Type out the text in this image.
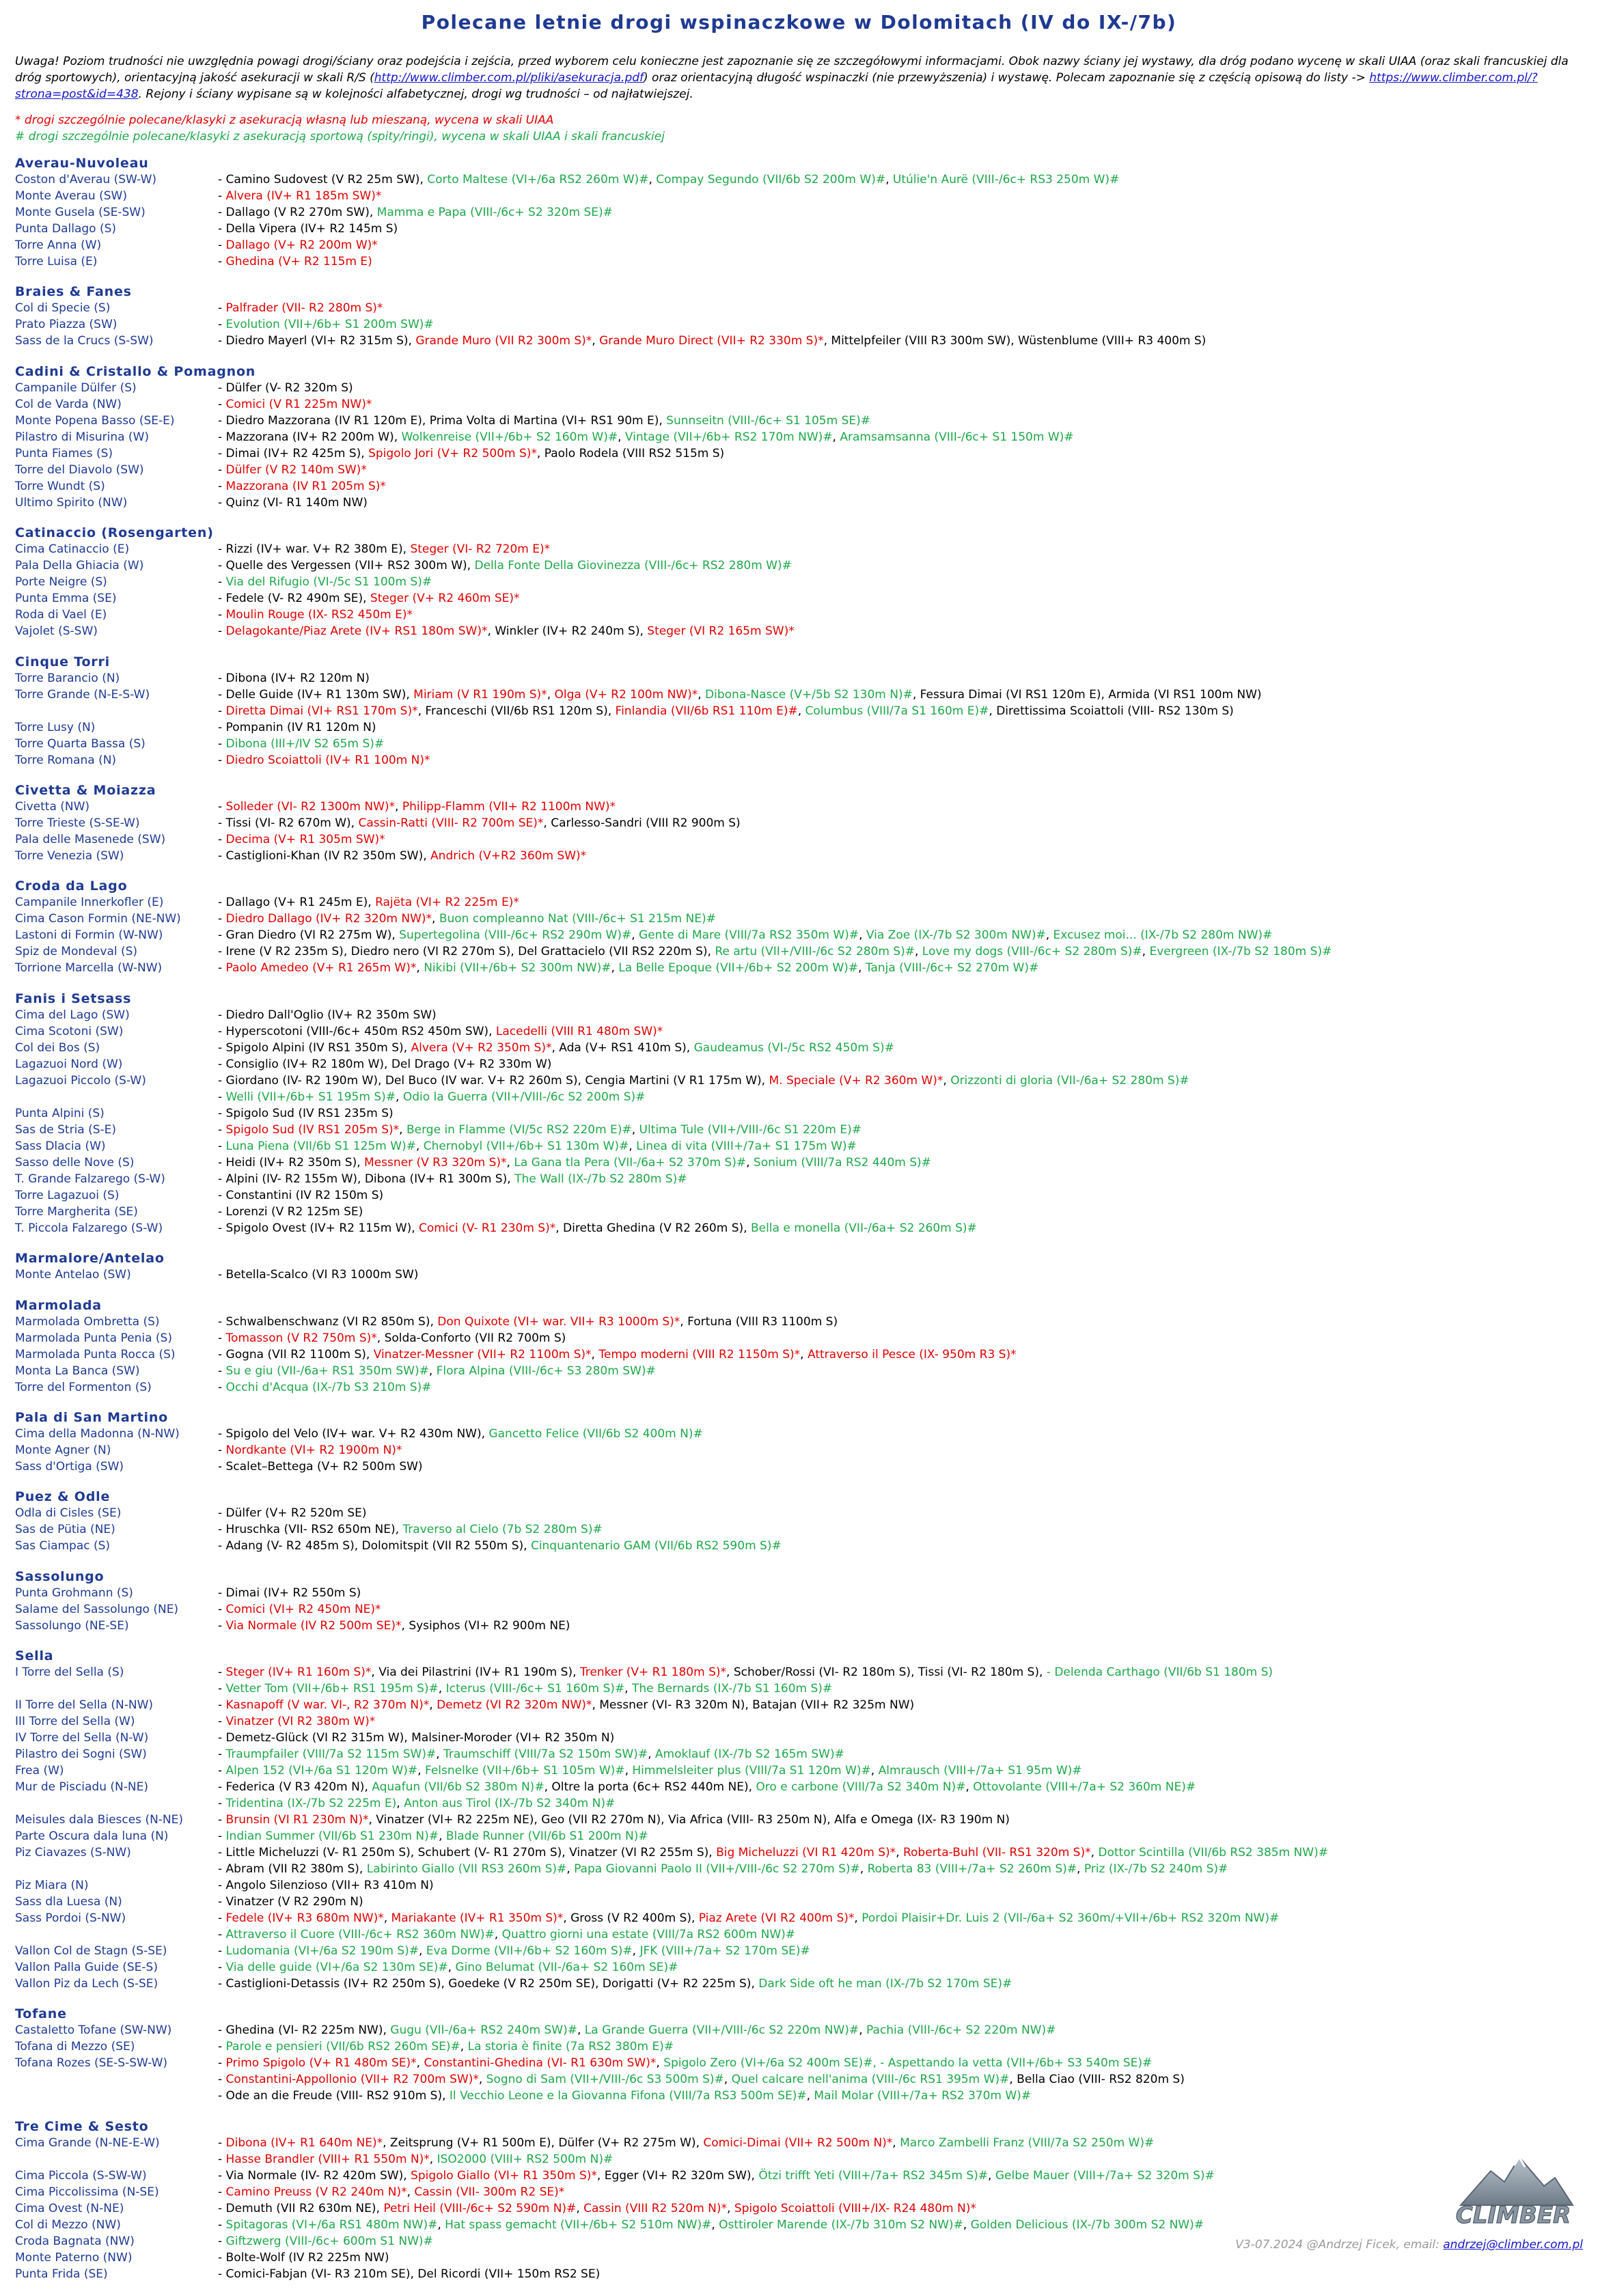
Polecane letnie drogi wspinaczkowe w Dolomitach (IV do IX-/7b)
Uwaga! Poziom trudności nie uwzględnia powagi drogi/ściany oraz podejścia i zejścia, przed wyborem celu konieczne jest zapoznanie się ze szczegółowymi informacjami. Obok nazwy ściany jej wystawy, dla dróg podano wycenę w skali UIAA (oraz skali francuskiej dla dróg sportowych), orientacyjną jakość asekuracji w skali R/S (http://www.climber.com.pl/pliki/asekuracja.pdf) oraz orientacyjną długość wspinaczki (nie przewyższenia) i wystawę. Polecam zapoznanie się z częścią opisową do listy -> https://www.climber.com.pl/?strona=post&id=438. Rejony i ściany wypisane są w kolejności alfabetycznej, drogi wg trudności – od najłatwiejszej.
* drogi szczególnie polecane/klasyki z asekuracją własną lub mieszaną, wycena w skali UIAA
# drogi szczególnie polecane/klasyki z asekuracją sportową (spity/ringi), wycena w skali UIAA i skali francuskiej
Averau-Nuvoleau
Coston d'Averau (SW-W)	- Camino Sudovest (V R2 25m SW), Corto Maltese (VI+/6a RS2 260m W)#, Compay Segundo (VII/6b S2 200m W)#, Utúlie'n Aurë (VIII-/6c+ RS3 250m W)#
Monte Averau (SW)	- Alvera (IV+ R1 185m SW)*
Monte Gusela (SE-SW)	- Dallago (V R2 270m SW), Mamma e Papa (VIII-/6c+ S2 320m SE)#
Punta Dallago (S)	- Della Vipera (IV+ R2 145m S)
Torre Anna (W)	- Dallago (V+ R2 200m W)*
Torre Luisa (E)	- Ghedina (V+ R2 115m E)
Braies & Fanes
Col di Specie (S)	- Palfrader (VII- R2 280m S)*
Prato Piazza (SW)	- Evolution (VII+/6b+ S1 200m SW)#
Sass de la Crucs (S-SW)	- Diedro Mayerl (VI+ R2 315m S), Grande Muro (VII R2 300m S)*, Grande Muro Direct (VII+ R2 330m S)*, Mittelpfeiler (VIII R3 300m SW), Wüstenblume (VIII+ R3 400m S)
Cadini & Cristallo & Pomagnon
Campanile Dülfer (S)	- Dülfer (V- R2 320m S)
Col de Varda (NW)	- Comici (V R1 225m NW)*
Monte Popena Basso (SE-E)	- Diedro Mazzorana (IV R1 120m E), Prima Volta di Martina (VI+ RS1 90m E), Sunnseitn (VIII-/6c+ S1 105m SE)#
Pilastro di Misurina (W)	- Mazzorana (IV+ R2 200m W), Wolkenreise (VII+/6b+ S2 160m W)#, Vintage (VII+/6b+ RS2 170m NW)#, Aramsamsanna (VIII-/6c+ S1 150m W)#
Punta Fiames (S)	- Dimai (IV+ R2 425m S), Spigolo Jori (V+ R2 500m S)*, Paolo Rodela (VIII RS2 515m S)
Torre del Diavolo (SW)	- Dülfer (V R2 140m SW)*
Torre Wundt (S)	- Mazzorana (IV R1 205m S)*
Ultimo Spirito (NW)	- Quinz (VI- R1 140m NW)
Catinaccio (Rosengarten)
Cima Catinaccio (E)	- Rizzi (IV+ war. V+ R2 380m E), Steger (VI- R2 720m E)*
Pala Della Ghiacia (W)	- Quelle des Vergessen (VII+ RS2 300m W), Della Fonte Della Giovinezza (VIII-/6c+ RS2 280m W)#
Porte Neigre (S)	- Via del Rifugio (VI-/5c S1 100m S)#
Punta Emma (SE)	- Fedele (V- R2 490m SE), Steger (V+ R2 460m SE)*
Roda di Vael (E)	- Moulin Rouge (IX- RS2 450m E)*
Vajolet (S-SW)	- Delagokante/Piaz Arete (IV+ RS1 180m SW)*, Winkler (IV+ R2 240m S), Steger (VI R2 165m SW)*
Cinque Torri
Torre Barancio (N)	- Dibona (IV+ R2 120m N)
Torre Grande (N-E-S-W)	- Delle Guide (IV+ R1 130m SW), Miriam (V R1 190m S)*, Olga (V+ R2 100m NW)*, Dibona-Nasce (V+/5b S2 130m N)#, Fessura Dimai (VI RS1 120m E), Armida (VI RS1 100m NW)
- Diretta Dimai (VI+ RS1 170m S)*, Franceschi (VII/6b RS1 120m S), Finlandia (VII/6b RS1 110m E)#, Columbus (VIII/7a S1 160m E)#, Direttissima Scoiattoli (VIII- RS2 130m S)
Torre Lusy (N)	- Pompanin (IV R1 120m N)
Torre Quarta Bassa (S)	- Dibona (III+/IV S2 65m S)#
Torre Romana (N)	- Diedro Scoiattoli (IV+ R1 100m N)*
Civetta & Moiazza
Civetta (NW)	- Solleder (VI- R2 1300m NW)*, Philipp-Flamm (VII+ R2 1100m NW)*
Torre Trieste (S-SE-W)	- Tissi (VI- R2 670m W), Cassin-Ratti (VIII- R2 700m SE)*, Carlesso-Sandri (VIII R2 900m S)
Pala delle Masenede (SW)	- Decima (V+ R1 305m SW)*
Torre Venezia (SW)	- Castiglioni-Khan (IV R2 350m SW), Andrich (V+R2 360m SW)*
Croda da Lago
Campanile Innerkofler (E)	- Dallago (V+ R1 245m E), Rajëta (VI+ R2 225m E)*
Cima Cason Formin (NE-NW)	- Diedro Dallago (IV+ R2 320m NW)*, Buon compleanno Nat (VIII-/6c+ S1 215m NE)#
Lastoni di Formin (W-NW)	- Gran Diedro (VI R2 275m W), Supertegolina (VIII-/6c+ RS2 290m W)#, Gente di Mare (VIII/7a RS2 350m W)#, Via Zoe (IX-/7b S2 300m NW)#, Excusez moi... (IX-/7b S2 280m NW)#
Spiz de Mondeval (S)	- Irene (V R2 235m S), Diedro nero (VI R2 270m S), Del Grattacielo (VII RS2 220m S), Re artu (VII+/VIII-/6c S2 280m S)#, Love my dogs (VIII-/6c+ S2 280m S)#, Evergreen (IX-/7b S2 180m S)#
Torrione Marcella (W-NW)	- Paolo Amedeo (V+ R1 265m W)*, Nikibi (VII+/6b+ S2 300m NW)#, La Belle Epoque (VII+/6b+ S2 200m W)#, Tanja (VIII-/6c+ S2 270m W)#
Fanis i Setsass
Cima del Lago (SW)	- Diedro Dall'Oglio (IV+ R2 350m SW)
Cima Scotoni (SW)	- Hyperscotoni (VIII-/6c+ 450m RS2 450m SW), Lacedelli (VIII R1 480m SW)*
Col dei Bos (S)	- Spigolo Alpini (IV RS1 350m S), Alvera (V+ R2 350m S)*, Ada (V+ RS1 410m S), Gaudeamus (VI-/5c RS2 450m S)#
Lagazuoi Nord (W)	- Consiglio (IV+ R2 180m W), Del Drago (V+ R2 330m W)
Lagazuoi Piccolo (S-W)	- Giordano (IV- R2 190m W), Del Buco (IV war. V+ R2 260m S), Cengia Martini (V R1 175m W), M. Speciale (V+ R2 360m W)*, Orizzonti di gloria (VII-/6a+ S2 280m S)#
- Welli (VII+/6b+ S1 195m S)#, Odio la Guerra (VII+/VIII-/6c S2 200m S)#
Punta Alpini (S)	- Spigolo Sud (IV RS1 235m S)
Sas de Stria (S-E)	- Spigolo Sud (IV RS1 205m S)*, Berge in Flamme (VI/5c RS2 220m E)#, Ultima Tule (VII+/VIII-/6c S1 220m E)#
Sass Dlacia (W)	- Luna Piena (VII/6b S1 125m W)#, Chernobyl (VII+/6b+ S1 130m W)#, Linea di vita (VIII+/7a+ S1 175m W)#
Sasso delle Nove (S)	- Heidi (IV+ R2 350m S), Messner (V R3 320m S)*, La Gana tla Pera (VII-/6a+ S2 370m S)#, Sonium (VIII/7a RS2 440m S)#
T. Grande Falzarego (S-W)	- Alpini (IV- R2 155m W), Dibona (IV+ R1 300m S), The Wall (IX-/7b S2 280m S)#
Torre Lagazuoi (S)	- Constantini (IV R2 150m S)
Torre Margherita (SE)	- Lorenzi (V R2 125m SE)
T. Piccola Falzarego (S-W)	- Spigolo Ovest (IV+ R2 115m W), Comici (V- R1 230m S)*, Diretta Ghedina (V R2 260m S), Bella e monella (VII-/6a+ S2 260m S)#
Marmalore/Antelao
Monte Antelao (SW)	- Betella-Scalco (VI R3 1000m SW)
Marmolada
Marmolada Ombretta (S)	- Schwalbenschwanz (VI R2 850m S), Don Quixote (VI+ war. VII+ R3 1000m S)*, Fortuna (VIII R3 1100m S)
Marmolada Punta Penia (S)	- Tomasson (V R2 750m S)*, Solda-Conforto (VII R2 700m S)
Marmolada Punta Rocca (S)	- Gogna (VII R2 1100m S), Vinatzer-Messner (VII+ R2 1100m S)*, Tempo moderni (VIII R2 1150m S)*, Attraverso il Pesce (IX- 950m R3 S)*
Monta La Banca (SW)	- Su e giu (VII-/6a+ RS1 350m SW)#, Flora Alpina (VIII-/6c+ S3 280m SW)#
Torre del Formenton (S)	- Occhi d'Acqua (IX-/7b S3 210m S)#
Pala di San Martino
Cima della Madonna (N-NW)	- Spigolo del Velo (IV+ war. V+ R2 430m NW), Gancetto Felice (VII/6b S2 400m N)#
Monte Agner (N)	- Nordkante (VI+ R2 1900m N)*
Sass d'Ortiga (SW)	- Scalet–Bettega (V+ R2 500m SW)
Puez & Odle
Odla di Cisles (SE)	- Dülfer (V+ R2 520m SE)
Sas de Pütia (NE)	- Hruschka (VII- RS2 650m NE), Traverso al Cielo (7b S2 280m S)#
Sas Ciampac (S)	- Adang (V- R2 485m S), Dolomitspit (VII R2 550m S), Cinquantenario GAM (VII/6b RS2 590m S)#
Sassolungo
Punta Grohmann (S)	- Dimai (IV+ R2 550m S)
Salame del Sassolungo (NE)	- Comici (VI+ R2 450m NE)*
Sassolungo (NE-SE)	- Via Normale (IV R2 500m SE)*, Sysiphos (VI+ R2 900m NE)
Sella
I Torre del Sella (S)	- Steger (IV+ R1 160m S)*, Via dei Pilastrini (IV+ R1 190m S), Trenker (V+ R1 180m S)*, Schober/Rossi (VI- R2 180m S), Tissi (VI- R2 180m S), - Delenda Carthago (VII/6b S1 180m S)
- Vetter Tom (VII+/6b+ RS1 195m S)#, Icterus (VIII-/6c+ S1 160m S)#, The Bernards (IX-/7b S1 160m S)#
II Torre del Sella (N-NW)	- Kasnapoff (V war. VI-, R2 370m N)*, Demetz (VI R2 320m NW)*, Messner (VI- R3 320m N), Batajan (VII+ R2 325m NW)
III Torre del Sella (W)	- Vinatzer (VI R2 380m W)*
IV Torre del Sella (N-W)	- Demetz-Glück (VI R2 315m W), Malsiner-Moroder (VI+ R2 350m N)
Pilastro dei Sogni (SW)	- Traumpfailer (VIII/7a S2 115m SW)#, Traumschiff (VIII/7a S2 150m SW)#, Amoklauf (IX-/7b S2 165m SW)#
Frea (W)	- Alpen 152 (VI+/6a S1 120m W)#, Felsnelke (VII+/6b+ S1 105m W)#, Himmelsleiter plus (VIII/7a S1 120m W)#, Almrausch (VIII+/7a+ S1 95m W)#
Mur de Pisciadu (N-NE)	- Federica (V R3 420m N), Aquafun (VII/6b S2 380m N)#, Oltre la porta (6c+ RS2 440m NE), Oro e carbone (VIII/7a S2 340m N)#, Ottovolante (VIII+/7a+ S2 360m NE)#
- Tridentina (IX-/7b S2 225m E), Anton aus Tirol (IX-/7b S2 340m N)#
Meisules dala Biesces (N-NE)	- Brunsin (VI R1 230m N)*, Vinatzer (VI+ R2 225m NE), Geo (VII R2 270m N), Via Africa (VIII- R3 250m N), Alfa e Omega (IX- R3 190m N)
Parte Oscura dala luna (N)	- Indian Summer (VII/6b S1 230m N)#, Blade Runner (VII/6b S1 200m N)#
Piz Ciavazes (S-NW)	- Little Micheluzzi (V- R1 250m S), Schubert (V- R1 270m S), Vinatzer (VI R2 255m S), Big Micheluzzi (VI R1 420m S)*, Roberta-Buhl (VII- RS1 320m S)*, Dottor Scintilla (VII/6b RS2 385m NW)#
- Abram (VII R2 380m S), Labirinto Giallo (VII RS3 260m S)#, Papa Giovanni Paolo II (VII+/VIII-/6c S2 270m S)#, Roberta 83 (VIII+/7a+ S2 260m S)#, Priz (IX-/7b S2 240m S)#
Piz Miara (N)	- Angolo Silenzioso (VII+ R3 410m N)
Sass dla Luesa (N)	- Vinatzer (V R2 290m N)
Sass Pordoi (S-NW)	- Fedele (IV+ R3 680m NW)*, Mariakante (IV+ R1 350m S)*, Gross (V R2 400m S), Piaz Arete (VI R2 400m S)*, Pordoi Plaisir+Dr. Luis 2 (VII-/6a+ S2 360m/+VII+/6b+ RS2 320m NW)#
- Attraverso il Cuore (VIII-/6c+ RS2 360m NW)#, Quattro giorni una estate (VIII/7a RS2 600m NW)#
Vallon Col de Stagn (S-SE)	- Ludomania (VI+/6a S2 190m S)#, Eva Dorme (VII+/6b+ S2 160m S)#, JFK (VIII+/7a+ S2 170m SE)#
Vallon Palla Guide (SE-S)	- Via delle guide (VI+/6a S2 130m SE)#, Gino Belumat (VII-/6a+ S2 160m SE)#
Vallon Piz da Lech (S-SE)	- Castiglioni-Detassis (IV+ R2 250m S), Goedeke (V R2 250m SE), Dorigatti (V+ R2 225m S), Dark Side oft he man (IX-/7b S2 170m SE)#
Tofane
Castaletto Tofane (SW-NW)	- Ghedina (VI- R2 225m NW), Gugu (VII-/6a+ RS2 240m SW)#, La Grande Guerra (VII+/VIII-/6c S2 220m NW)#, Pachia (VIII-/6c+ S2 220m NW)#
Tofana di Mezzo (SE)	- Parole e pensieri (VII/6b RS2 260m SE)#, La storia è finite (7a RS2 380m E)#
Tofana Rozes (SE-S-SW-W)	- Primo Spigolo (V+ R1 480m SE)*, Constantini-Ghedina (VI- R1 630m SW)*, Spigolo Zero (VI+/6a S2 400m SE)#, - Aspettando la vetta (VII+/6b+ S3 540m SE)#
- Constantini-Appollonio (VII+ R2 700m SW)*, Sogno di Sam (VII+/VIII-/6c S3 500m S)#, Quel calcare nell'anima (VIII-/6c RS1 395m W)#, Bella Ciao (VIII- RS2 820m S)
- Ode an die Freude (VIII- RS2 910m S), Il Vecchio Leone e la Giovanna Fifona (VIII/7a RS3 500m SE)#, Mail Molar (VIII+/7a+ RS2 370m W)#
Tre Cime & Sesto
Cima Grande (N-NE-E-W)	- Dibona (IV+ R1 640m NE)*, Zeitsprung (V+ R1 500m E), Dülfer (V+ R2 275m W), Comici-Dimai (VII+ R2 500m N)*, Marco Zambelli Franz (VIII/7a S2 250m W)#
- Hasse Brandler (VIII+ R1 550m N)*, ISO2000 (VIII+ RS2 500m N)#
Cima Piccola (S-SW-W)	- Via Normale (IV- R2 420m SW), Spigolo Giallo (VI+ R1 350m S)*, Egger (VI+ R2 320m SW), Ötzi trifft Yeti (VIII+/7a+ RS2 345m S)#, Gelbe Mauer (VIII+/7a+ S2 320m S)#
Cima Piccolissima (N-SE)	- Camino Preuss (V R2 240m N)*, Cassin (VII- 300m R2 SE)*
Cima Ovest (N-NE)	- Demuth (VII R2 630m NE), Petri Heil (VIII-/6c+ S2 590m N)#, Cassin (VIII R2 520m N)*, Spigolo Scoiattoli (VIII+/IX- R24 480m N)*
Col di Mezzo (NW)	- Spitagoras (VI+/6a RS1 480m NW)#, Hat spass gemacht (VII+/6b+ S2 510m NW)#, Osttiroler Marende (IX-/7b 310m S2 NW)#, Golden Delicious (IX-/7b 300m S2 NW)#
Croda Bagnata (NW)	- Giftzwerg (VIII-/6c+ 600m S1 NW)#
Monte Paterno (NW)	- Bolte-Wolf (IV R2 225m NW)
Punta Frida (SE)	- Comici-Fabjan (VI- R3 210m SE), Del Ricordi (VII+ 150m RS2 SE)
CLIMBER
V3-07.2024 @Andrzej Ficek, email: andrzej@climber.com.pl
